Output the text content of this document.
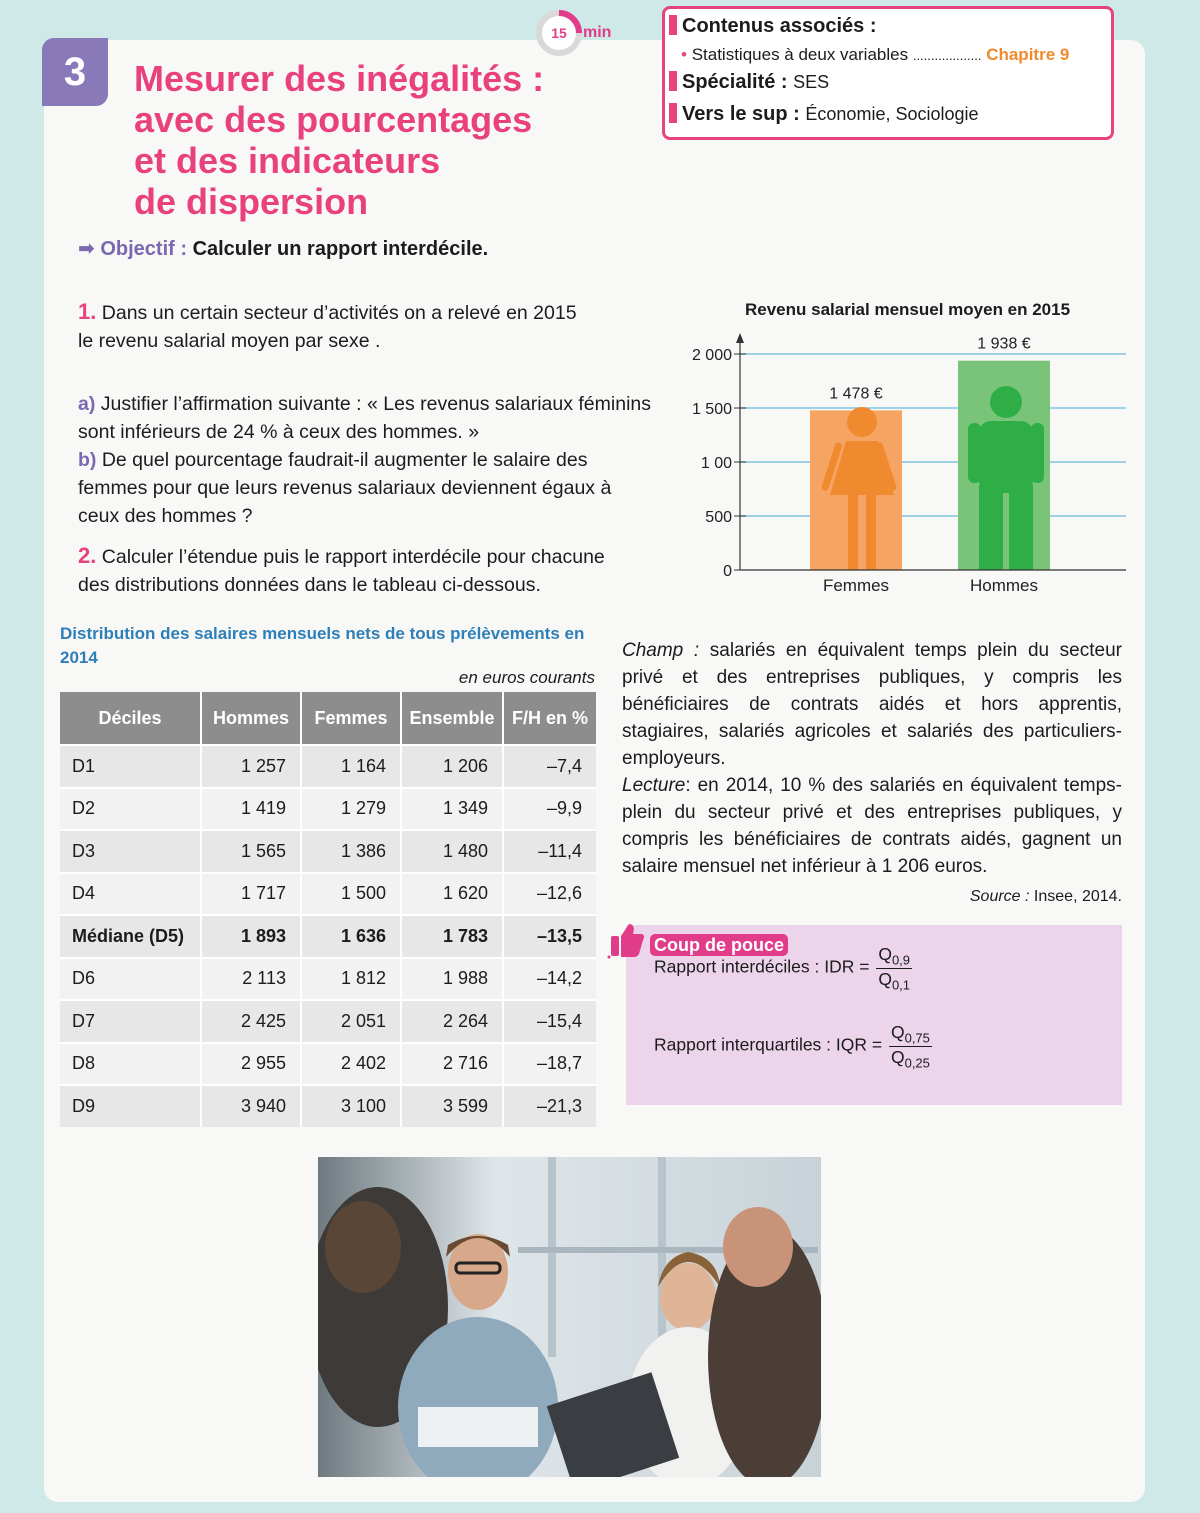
3
15	min
Mesurer des inégalités :
avec des pourcentages
et des indicateurs
de dispersion
Contenus associés :
• Statistiques à deux variables ................... Chapitre 9
Spécialité : SES
Vers le sup : Économie, Sociologie
➡ Objectif : Calculer un rapport interdécile.
1. Dans un certain secteur d’activités on a relevé en 2015
le revenu salarial moyen par sexe .
a) Justifier l’affirmation suivante : « Les revenus salariaux féminins
sont inférieurs de 24 % à ceux des hommes. »
b) De quel pourcentage faudrait-il augmenter le salaire des
femmes pour que leurs revenus salariaux deviennent égaux à
ceux des hommes ?
2. Calculer l’étendue puis le rapport interdécile pour chacune
des distributions données dans le tableau ci-dessous.
Revenu salarial mensuel moyen en 2015
1 478 €
Femmes
1 938 €
Hommes
0
500
1 00
1 500
2 000
Distribution des salaires mensuels nets de tous prélèvements en 2014
en euros courants
Déciles	Hommes	Femmes	Ensemble	F/H en %
D1	1 257	1 164	1 206	–7,4
D2	1 419	1 279	1 349	–9,9
D3	1 565	1 386	1 480	–11,4
D4	1 717	1 500	1 620	–12,6
Médiane (D5)	1 893	1 636	1 783	–13,5
D6	2 113	1 812	1 988	–14,2
D7	2 425	2 051	2 264	–15,4
D8	2 955	2 402	2 716	–18,7
D9	3 940	3 100	3 599	–21,3
Champ : salariés en équivalent temps plein du secteur privé et des entreprises publiques, y compris les bénéficiaires de contrats aidés et hors apprentis, stagiaires, salariés agricoles et salariés des particuliers-employeurs.
Lecture: en 2014, 10 % des salariés en équivalent temps-plein du secteur privé et des entreprises publiques, y compris les bénéficiaires de contrats aidés, gagnent un salaire mensuel net inférieur à 1 206 euros.
Source : Insee, 2014.
Coup de pouce
Rapport interdéciles : IDR = $\frac{Q_{0,9}}{Q_{0,1}}$
Rapport interquartiles : IQR = $\frac{Q_{0,75}}{Q_{0,25}}$
